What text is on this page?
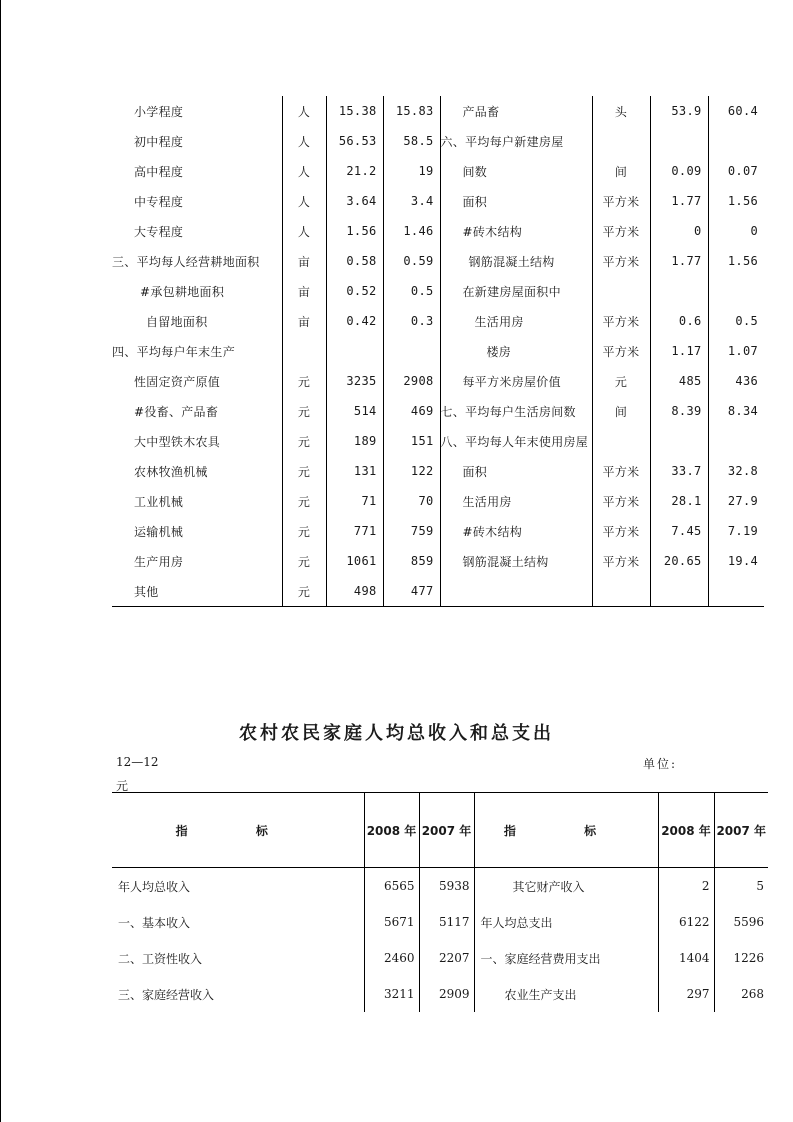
小学程度	人	15.38	15.83	产品畜	头	53.9	60.4
初中程度	人	56.53	58.5	六、平均每户新建房屋			
高中程度	人	21.2	19	间数	间	0.09	0.07
中专程度	人	3.64	3.4	面积	平方米	1.77	1.56
大专程度	人	1.56	1.46	#砖木结构	平方米	0	0
三、平均每人经营耕地面积	亩	0.58	0.59	钢筋混凝土结构	平方米	1.77	1.56
#承包耕地面积	亩	0.52	0.5	在新建房屋面积中			
自留地面积	亩	0.42	0.3	生活用房	平方米	0.6	0.5
四、平均每户年末生产				楼房	平方米	1.17	1.07
性固定资产原值	元	3235	2908	每平方米房屋价值	元	485	436
#役畜、产品畜	元	514	469	七、平均每户生活房间数	间	8.39	8.34
大中型铁木农具	元	189	151	八、平均每人年末使用房屋			
农林牧渔机械	元	131	122	面积	平方米	33.7	32.8
工业机械	元	71	70	生活用房	平方米	28.1	27.9
运输机械	元	771	759	#砖木结构	平方米	7.45	7.19
生产用房	元	1061	859	钢筋混凝土结构	平方米	20.65	19.4
其他	元	498	477				
农村农民家庭人均总收入和总支出
12—12	单位:
元
指 标	2008 年	2007 年	指 标	2008 年	2007 年
年人均总收入	6565	5938	其它财产收入	2	5
一、基本收入	5671	5117	年人均总支出	6122	5596
二、工资性收入	2460	2207	一、家庭经营费用支出	1404	1226
三、家庭经营收入	3211	2909	农业生产支出	297	268
